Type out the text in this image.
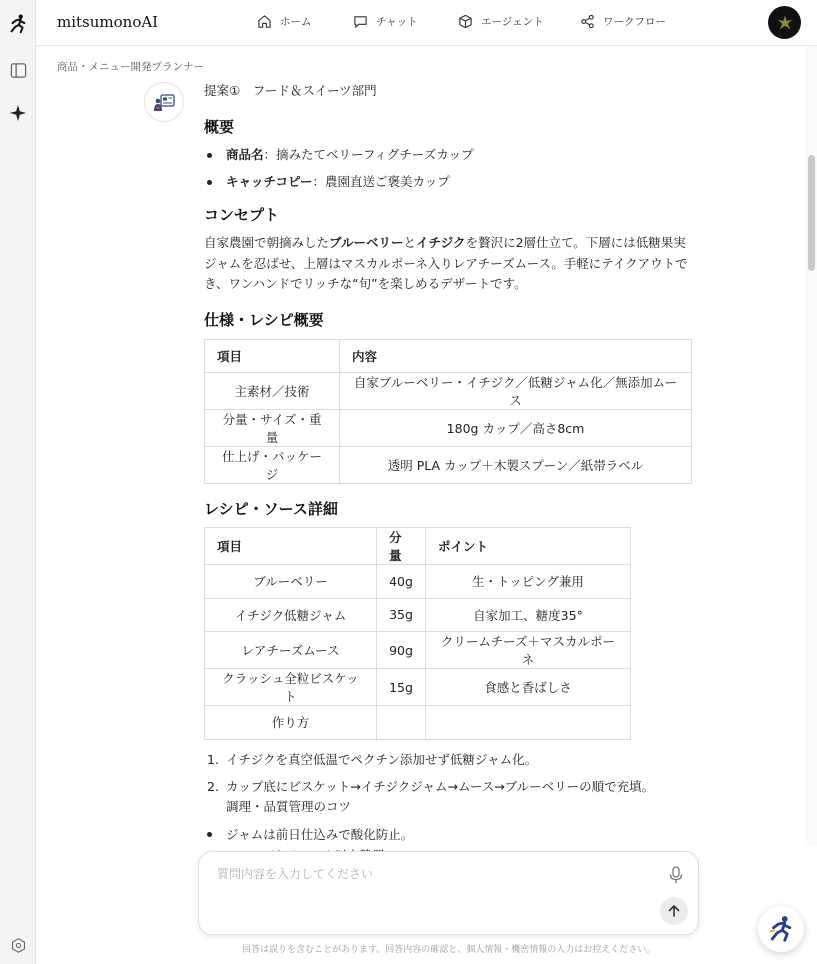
mitsumonoAI	ホーム	チャット	エージェント	ワークフロー
商品・メニュー開発プランナー
提案①　フード＆スイーツ部門
概要
商品名：摘みたてベリーフィグチーズカップ
キャッチコピー：農園直送ご褒美カップ
コンセプト

自家農園で朝摘みしたブルーベリーとイチジクを贅沢に2層仕立て。下層には低糖果実ジャムを忍ばせ、上層はマスカルポーネ入りレアチーズムース。手軽にテイクアウトでき、ワンハンドでリッチな“旬”を楽しめるデザートです。

仕様・レシピ概要
項目	内容
主素材／技術	自家ブルーベリー・イチジク／低糖ジャム化／無添加ムース
分量・サイズ・重量	180g カップ／高さ8cm
仕上げ・パッケージ	透明 PLA カップ＋木製スプーン／紙帯ラベル
レシピ・ソース詳細
項目	分量	ポイント
ブルーベリー	40g	生・トッピング兼用
イチジク低糖ジャム	35g	自家加工、糖度35°
レアチーズムース	90g	クリームチーズ＋マスカルポーネ
クラッシュ全粒ビスケット	15g	食感と香ばしさ
作り方		
1. イチジクを真空低温でペクチン添加せず低糖ジャム化。
2. カップ底にビスケット→イチジクジャム→ムース→ブルーベリーの順で充填。
調理・品質管理のコツ
ジャムは前日仕込みで酸化防止。

質問内容を入力してください
回答は誤りを含むことがあります。回答内容の確認と、個人情報・機密情報の入力はお控えください。
